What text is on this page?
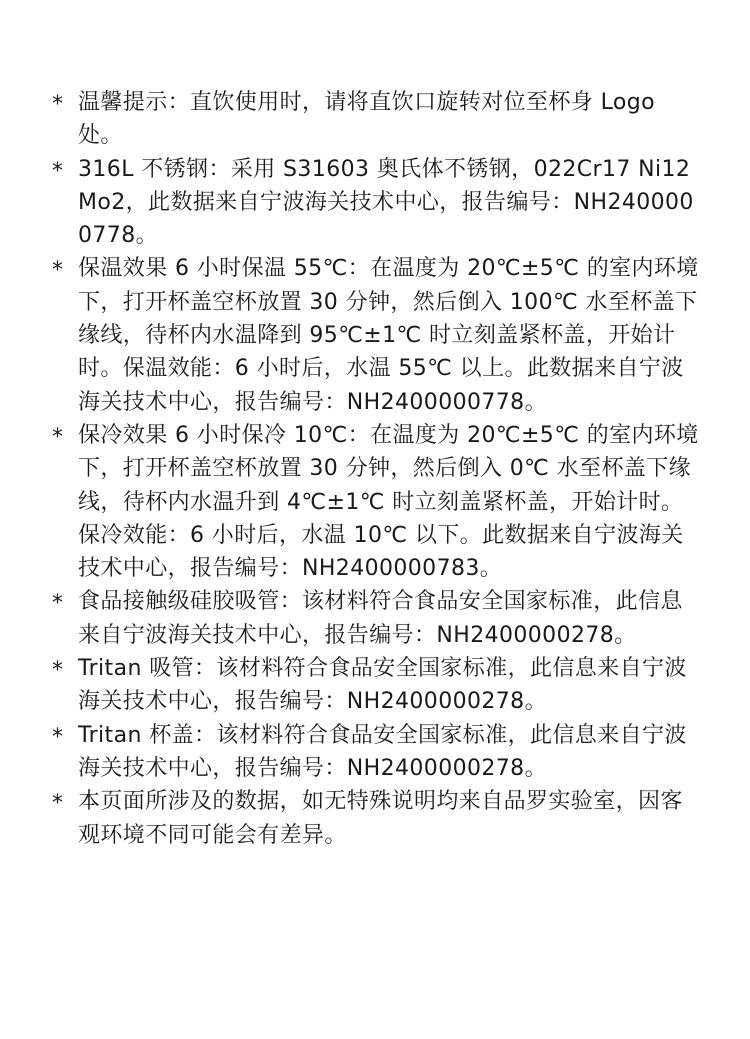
* 温馨提示：直饮使用时，请将直饮口旋转对位至杯身 Logo 处。
* 316L 不锈钢：采用 S31603 奥氏体不锈钢，022Cr17 Ni12Mo2，此数据来自宁波海关技术中心，报告编号：NH2400000778。
* 保温效果 6 小时保温 55℃：在温度为 20℃±5℃ 的室内环境下，打开杯盖空杯放置 30 分钟，然后倒入 100℃ 水至杯盖下缘线，待杯内水温降到 95℃±1℃ 时立刻盖紧杯盖，开始计时。保温效能：6 小时后，水温 55℃ 以上。此数据来自宁波海关技术中心，报告编号：NH2400000778。
* 保冷效果 6 小时保冷 10℃：在温度为 20℃±5℃ 的室内环境下，打开杯盖空杯放置 30 分钟，然后倒入 0℃ 水至杯盖下缘线，待杯内水温升到 4℃±1℃ 时立刻盖紧杯盖，开始计时。保冷效能：6 小时后，水温 10℃ 以下。此数据来自宁波海关技术中心，报告编号：NH2400000783。
* 食品接触级硅胶吸管：该材料符合食品安全国家标准，此信息来自宁波海关技术中心，报告编号：NH2400000278。
* Tritan 吸管：该材料符合食品安全国家标准，此信息来自宁波海关技术中心，报告编号：NH2400000278。
* Tritan 杯盖：该材料符合食品安全国家标准，此信息来自宁波海关技术中心，报告编号：NH2400000278。
* 本页面所涉及的数据，如无特殊说明均来自品罗实验室，因客观环境不同可能会有差异。
